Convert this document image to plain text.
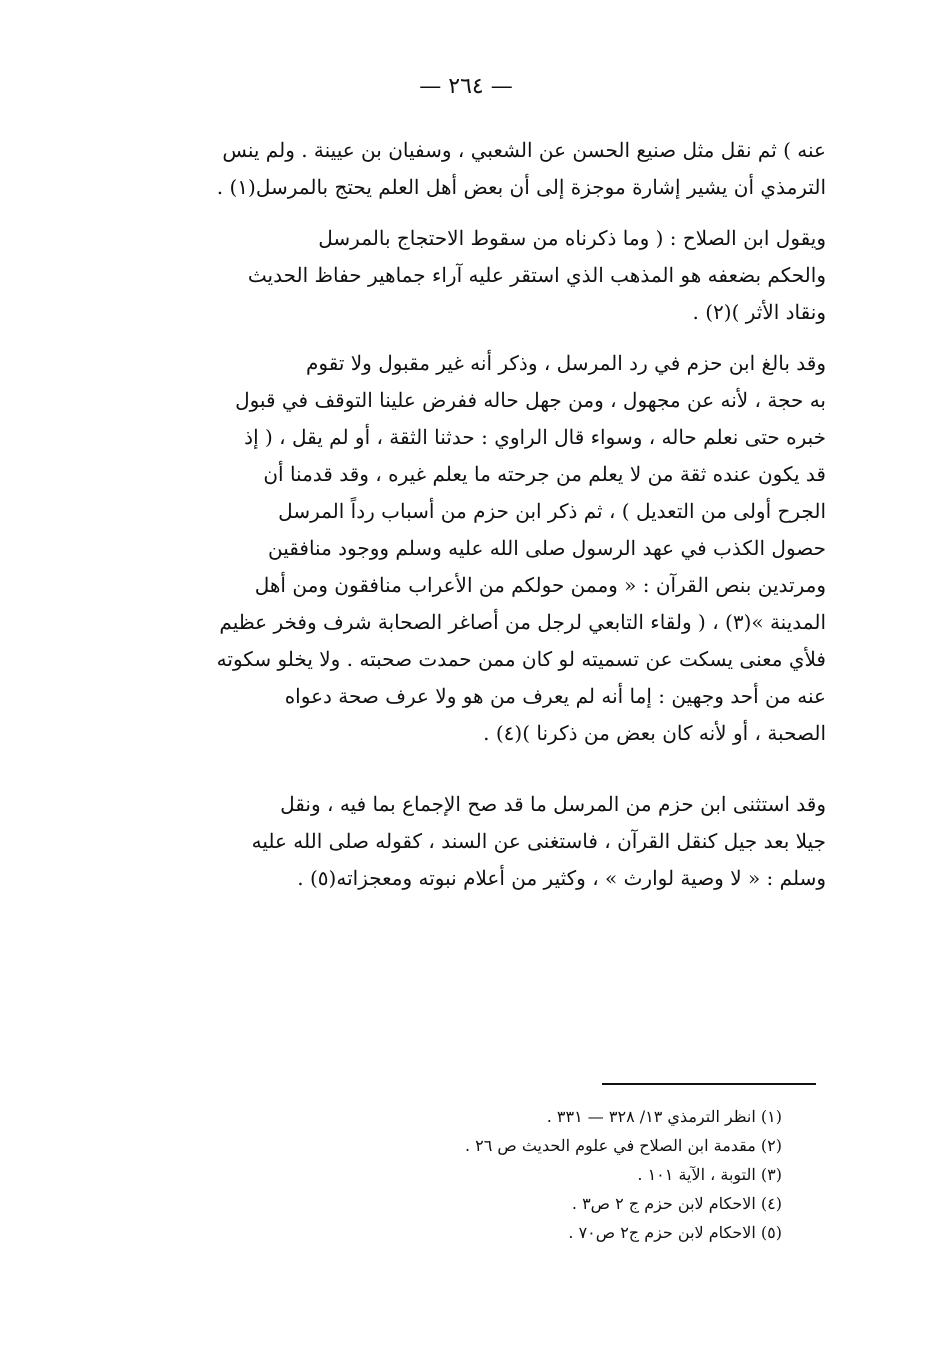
— ٢٦٤ —
عنه ) ثم نقل مثل صنيع الحسن عن الشعبي ، وسفيان بن عيينة . ولم ينس
الترمذي أن يشير إشارة موجزة إلى أن بعض أهل العلم يحتج بالمرسل(١) .
ويقول ابن الصلاح : ( وما ذكرناه من سقوط الاحتجاج بالمرسل
والحكم بضعفه هو المذهب الذي استقر عليه آراء جماهير حفاظ الحديث
ونقاد الأثر )(٢) .
وقد بالغ ابن حزم في رد المرسل ، وذكر أنه غير مقبول ولا تقوم
به حجة ، لأنه عن مجهول ، ومن جهل حاله ففرض علينا التوقف في قبول
خبره حتى نعلم حاله ، وسواء قال الراوي : حدثنا الثقة ، أو لم يقل ، ( إذ
قد يكون عنده ثقة من لا يعلم من جرحته ما يعلم غيره ، وقد قدمنا أن
الجرح أولى من التعديل ) ، ثم ذكر ابن حزم من أسباب رداً المرسل
حصول الكذب في عهد الرسول صلى الله عليه وسلم ووجود منافقين
ومرتدين بنص القرآن : « وممن حولكم من الأعراب منافقون ومن أهل
المدينة »(٣) ، ( ولقاء التابعي لرجل من أصاغر الصحابة شرف وفخر عظيم
فلأي معنى يسكت عن تسميته لو كان ممن حمدت صحبته . ولا يخلو سكوته
عنه من أحد وجهين : إما أنه لم يعرف من هو ولا عرف صحة دعواه
الصحبة ، أو لأنه كان بعض من ذكرنا )(٤) .
وقد استثنى ابن حزم من المرسل ما قد صح الإجماع بما فيه ، ونقل
جيلا بعد جيل كنقل القرآن ، فاستغنى عن السند ، كقوله صلى الله عليه
وسلم : « لا وصية لوارث » ، وكثير من أعلام نبوته ومعجزاته(٥) .
(١) انظر الترمذي ١٣/ ٣٢٨ — ٣٣١ .
(٢) مقدمة ابن الصلاح في علوم الحديث ص ٢٦ .
(٣) التوبة ، الآية ١٠١ .
(٤) الاحكام لابن حزم ج ٢ ص٣ .
(٥) الاحكام لابن حزم ج٢ ص٧٠ .
